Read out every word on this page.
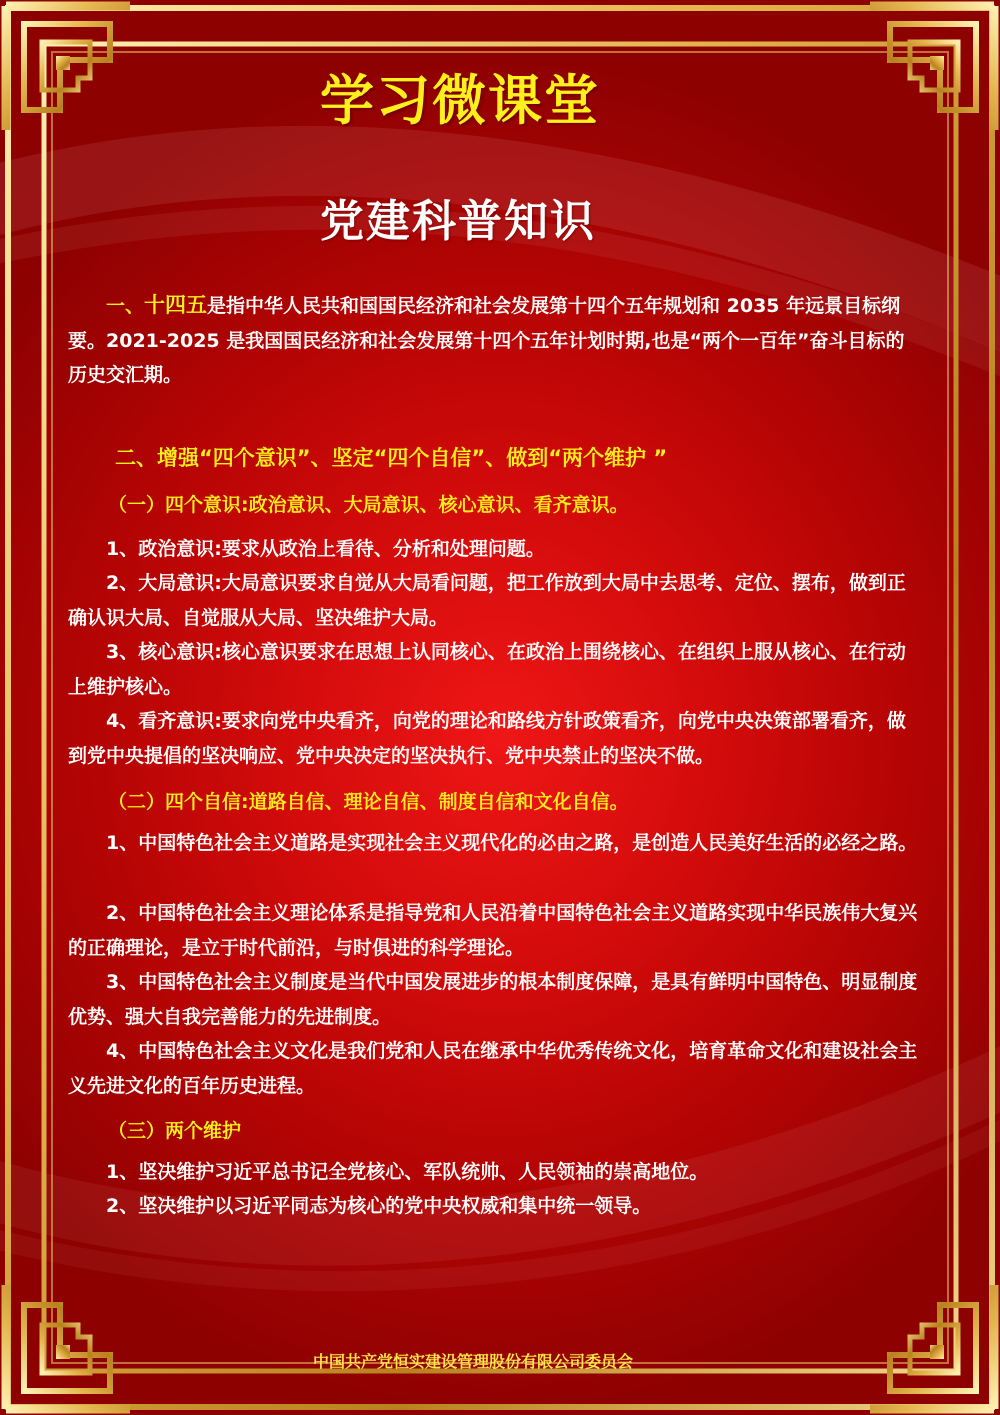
学习微课堂
党建科普知识

一、十四五是指中华人民共和国国民经济和社会发展第十四个五年规划和 2035 年远景目标纲要。2021-2025 是我国国民经济和社会发展第十四个五年计划时期,也是“两个一百年”奋斗目标的历史交汇期。

二、增强“四个意识”、坚定“四个自信”、做到“两个维护 ”

（一）四个意识:政治意识、大局意识、核心意识、看齐意识。

1、政治意识:要求从政治上看待、分析和处理问题。

2、大局意识:大局意识要求自觉从大局看问题，把工作放到大局中去思考、定位、摆布，做到正确认识大局、自觉服从大局、坚决维护大局。

3、核心意识:核心意识要求在思想上认同核心、在政治上围绕核心、在组织上服从核心、在行动上维护核心。

4、看齐意识:要求向党中央看齐，向党的理论和路线方针政策看齐，向党中央决策部署看齐，做到党中央提倡的坚决响应、党中央决定的坚决执行、党中央禁止的坚决不做。

（二）四个自信:道路自信、理论自信、制度自信和文化自信。

1、中国特色社会主义道路是实现社会主义现代化的必由之路，是创造人民美好生活的必经之路。

2、中国特色社会主义理论体系是指导党和人民沿着中国特色社会主义道路实现中华民族伟大复兴的正确理论，是立于时代前沿，与时俱进的科学理论。

3、中国特色社会主义制度是当代中国发展进步的根本制度保障，是具有鲜明中国特色、明显制度优势、强大自我完善能力的先进制度。

4、中国特色社会主义文化是我们党和人民在继承中华优秀传统文化，培育革命文化和建设社会主义先进文化的百年历史进程。

（三）两个维护

1、坚决维护习近平总书记全党核心、军队统帅、人民领袖的崇高地位。

2、坚决维护以习近平同志为核心的党中央权威和集中统一领导。

中国共产党恒实建设管理股份有限公司委员会
